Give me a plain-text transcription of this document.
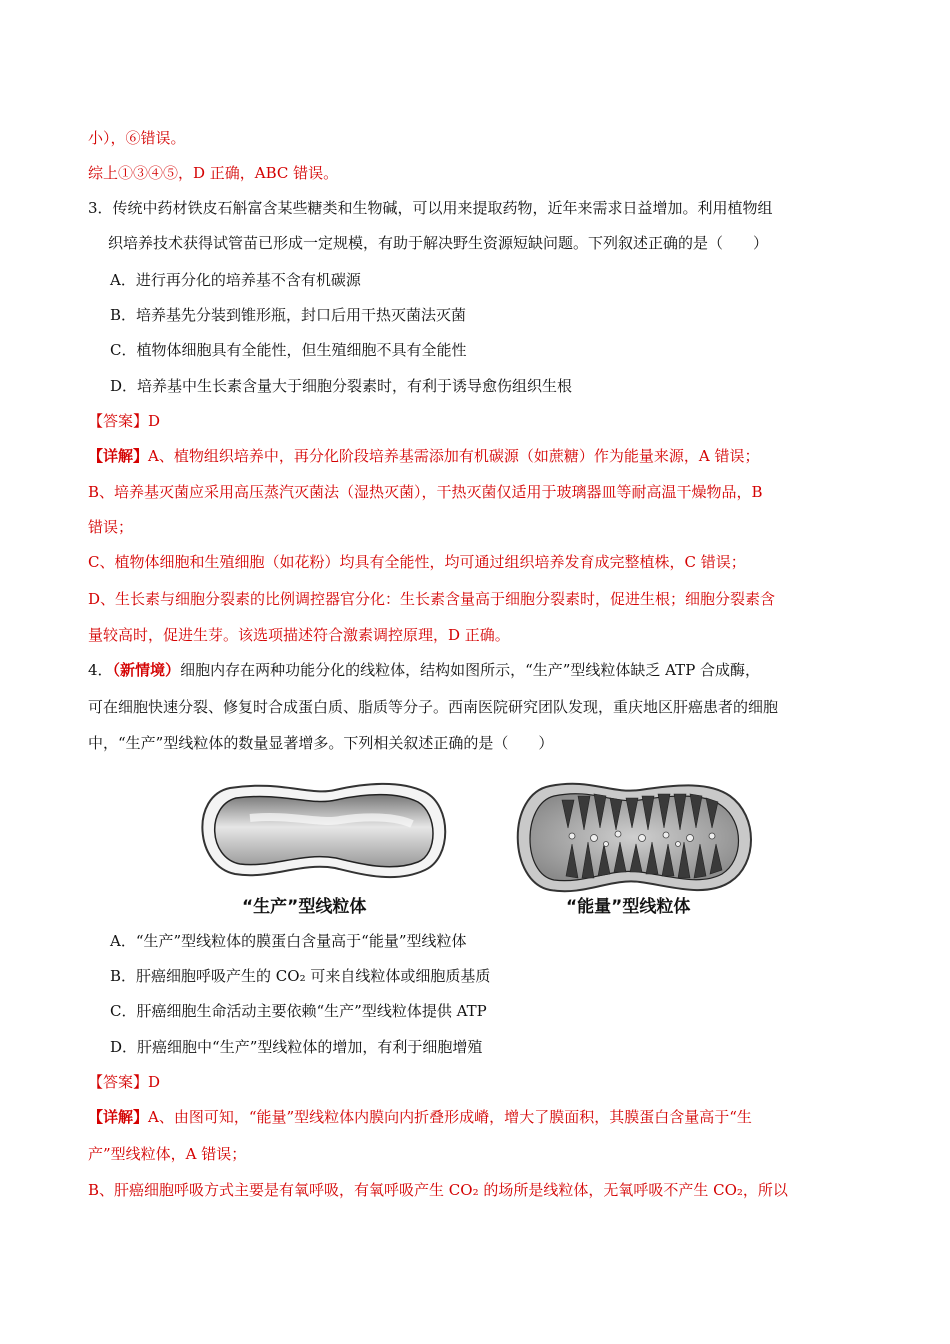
小），⑥错误。
综上①③④⑤，D 正确，ABC 错误。
3．传统中药材铁皮石斛富含某些糖类和生物碱，可以用来提取药物，近年来需求日益增加。利用植物组
织培养技术获得试管苗已形成一定规模，有助于解决野生资源短缺问题。下列叙述正确的是（　　）
A．进行再分化的培养基不含有机碳源
B．培养基先分装到锥形瓶，封口后用干热灭菌法灭菌
C．植物体细胞具有全能性，但生殖细胞不具有全能性
D．培养基中生长素含量大于细胞分裂素时，有利于诱导愈伤组织生根
【答案】D
【详解】A、植物组织培养中，再分化阶段培养基需添加有机碳源（如蔗糖）作为能量来源，A 错误；
B、培养基灭菌应采用高压蒸汽灭菌法（湿热灭菌），干热灭菌仅适用于玻璃器皿等耐高温干燥物品，B
错误；
C、植物体细胞和生殖细胞（如花粉）均具有全能性，均可通过组织培养发育成完整植株，C 错误；
D、生长素与细胞分裂素的比例调控器官分化：生长素含量高于细胞分裂素时，促进生根；细胞分裂素含
量较高时，促进生芽。该选项描述符合激素调控原理，D 正确。
4．（新情境）细胞内存在两种功能分化的线粒体，结构如图所示，“生产”型线粒体缺乏 ATP 合成酶，
可在细胞快速分裂、修复时合成蛋白质、脂质等分子。西南医院研究团队发现，重庆地区肝癌患者的细胞
中，“生产”型线粒体的数量显著增多。下列相关叙述正确的是（　　）
“生产”型线粒体	“能量”型线粒体
A．“生产”型线粒体的膜蛋白含量高于“能量”型线粒体
B．肝癌细胞呼吸产生的 CO₂ 可来自线粒体或细胞质基质
C．肝癌细胞生命活动主要依赖“生产”型线粒体提供 ATP
D．肝癌细胞中“生产”型线粒体的增加，有利于细胞增殖
【答案】D
【详解】A、由图可知，“能量”型线粒体内膜向内折叠形成嵴，增大了膜面积，其膜蛋白含量高于“生
产”型线粒体，A 错误；
B、肝癌细胞呼吸方式主要是有氧呼吸，有氧呼吸产生 CO₂ 的场所是线粒体，无氧呼吸不产生 CO₂，所以
